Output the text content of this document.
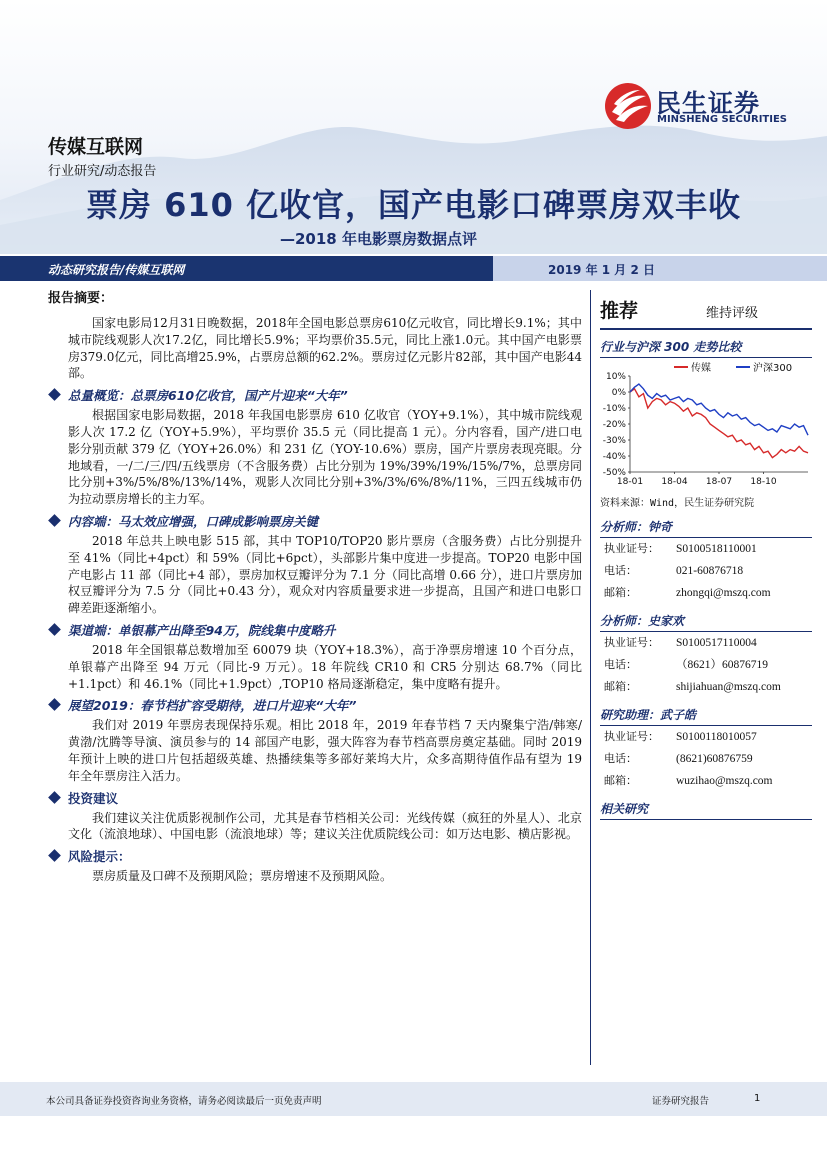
民生证券
MINSHENG SECURITIES
传媒互联网
行业研究/动态报告
票房 610 亿收官，国产电影口碑票房双丰收
—2018 年电影票房数据点评
动态研究报告/传媒互联网	2019 年 1 月 2 日
报告摘要：

国家电影局12月31日晚数据，2018年全国电影总票房610亿元收官，同比增长9.1%；其中城市院线观影人次17.2亿，同比增长5.9%；平均票价35.5元，同比上涨1.0元。其中国产电影票房379.0亿元，同比高增25.9%，占票房总额的62.2%。票房过亿元影片82部，其中国产电影44部。

总量概览：总票房610亿收官，国产片迎来“大年”

根据国家电影局数据，2018 年我国电影票房 610 亿收官（YOY+9.1%），其中城市院线观影人次 17.2 亿（YOY+5.9%），平均票价 35.5 元（同比提高 1 元）。分内容看，国产/进口电影分别贡献 379 亿（YOY+26.0%）和 231 亿（YOY-10.6%）票房，国产片票房表现亮眼。分地域看，一/二/三/四/五线票房（不含服务费）占比分别为 19%/39%/19%/15%/7%，总票房同比分别+3%/5%/8%/13%/14%，观影人次同比分别+3%/3%/6%/8%/11%，三四五线城市仍为拉动票房增长的主力军。

内容端：马太效应增强，口碑成影响票房关键

2018 年总共上映电影 515 部，其中 TOP10/TOP20 影片票房（含服务费）占比分别提升至 41%（同比+4pct）和 59%（同比+6pct），头部影片集中度进一步提高。TOP20 电影中国产电影占 11 部（同比+4 部），票房加权豆瓣评分为 7.1 分（同比高增 0.66 分），进口片票房加权豆瓣评分为 7.5 分（同比+0.43 分），观众对内容质量要求进一步提高，且国产和进口电影口碑差距逐渐缩小。

渠道端：单银幕产出降至94万，院线集中度略升

2018 年全国银幕总数增加至 60079 块（YOY+18.3%），高于净票房增速 10 个百分点，单银幕产出降至 94 万元（同比-9 万元）。18 年院线 CR10 和 CR5 分别达 68.7%（同比+1.1pct）和 46.1%（同比+1.9pct）,TOP10 格局逐渐稳定，集中度略有提升。

展望2019：春节档扩容受期待，进口片迎来“大年”

我们对 2019 年票房表现保持乐观。相比 2018 年，2019 年春节档 7 天内聚集宁浩/韩寒/黄渤/沈腾等导演、演员参与的 14 部国产电影，强大阵容为春节档高票房奠定基础。同时 2019 年预计上映的进口片包括超级英雄、热播续集等多部好莱坞大片，众多高期待值作品有望为 19 年全年票房注入活力。

投资建议

我们建议关注优质影视制作公司，尤其是春节档相关公司：光线传媒（疯狂的外星人）、北京文化（流浪地球）、中国电影（流浪地球）等；建议关注优质院线公司：如万达电影、横店影视。

风险提示：

票房质量及口碑不及预期风险；票房增速不及预期风险。

推荐	维持评级
行业与沪深 300 走势比较
10%
0%
-10%
-20%
-30%
-40%
-50%
18-01 18-04 18-07 18-10
传媒	沪深300
资料来源：Wind，民生证券研究院
分析师：钟奇
执业证号： S0100518110001
电话：	021-60876718
邮箱：	zhongqi@mszq.com
分析师：史家欢
执业证号： S0100517110004
电话：	（8621）60876719
邮箱：	shijiahuan@mszq.com
研究助理：武子皓
执业证号： S0100118010057
电话：	(8621)60876759
邮箱：	wuzihao@mszq.com
相关研究
本公司具备证券投资咨询业务资格，请务必阅读最后一页免责声明	证券研究报告	1
